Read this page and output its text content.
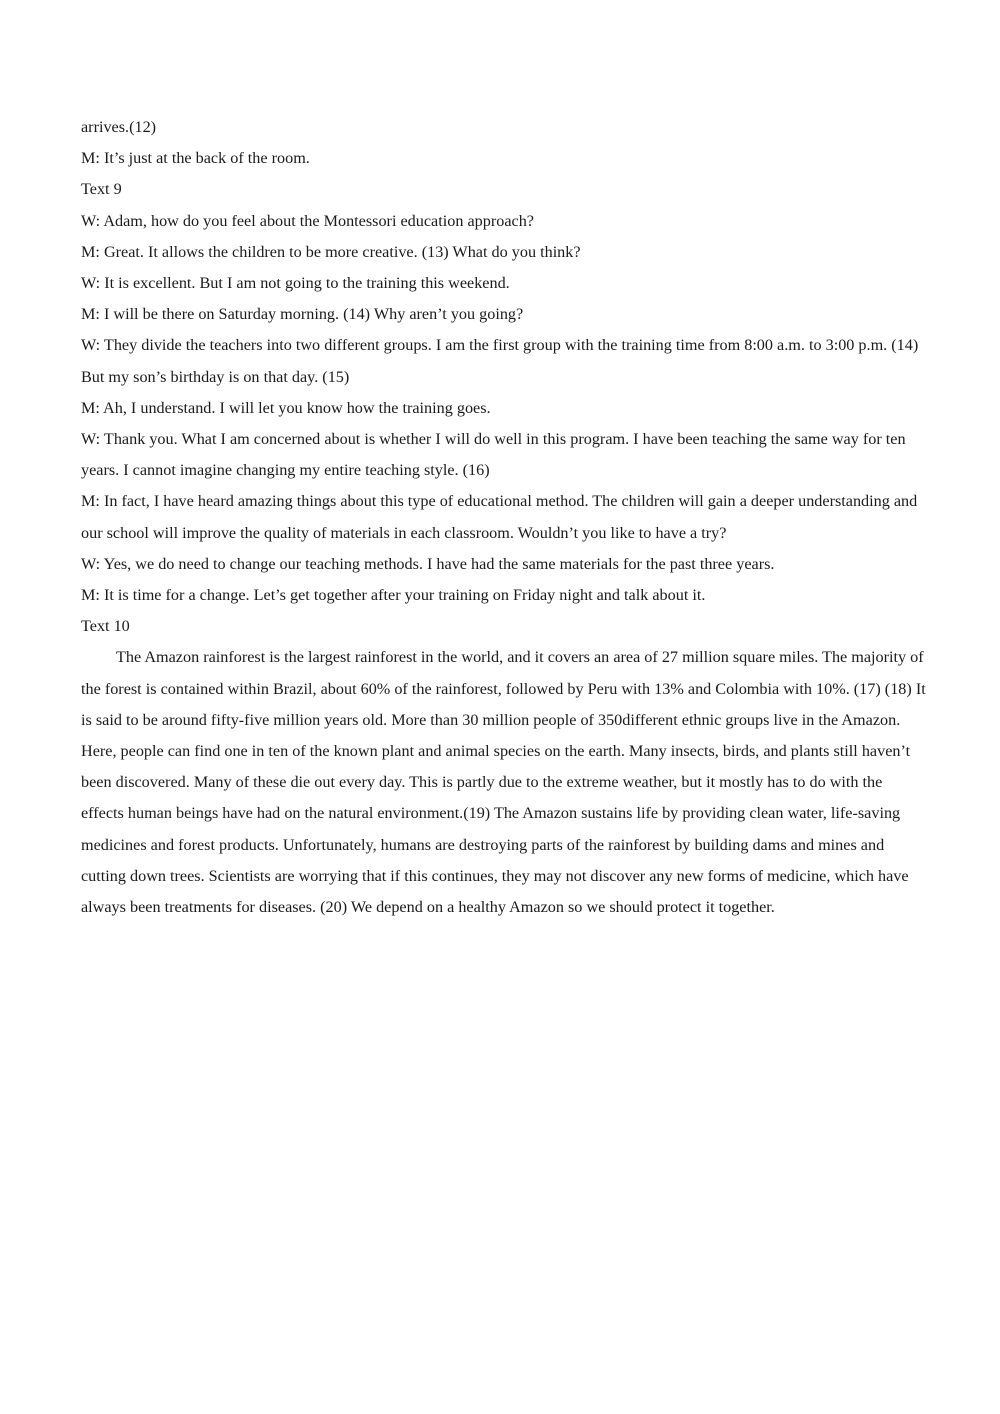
arrives.(12)

M: It’s just at the back of the room.

Text 9

W: Adam, how do you feel about the Montessori education approach?

M: Great. It allows the children to be more creative. (13) What do you think?

W: It is excellent. But I am not going to the training this weekend.

M: I will be there on Saturday morning. (14) Why aren’t you going?

W: They divide the teachers into two different groups. I am the first group with the training time from 8:00 a.m. to 3:00 p.m. (14) But my son’s birthday is on that day. (15)

M: Ah, I understand. I will let you know how the training goes.

W: Thank you. What I am concerned about is whether I will do well in this program. I have been teaching the same way for ten years. I cannot imagine changing my entire teaching style. (16)

M: In fact, I have heard amazing things about this type of educational method. The children will gain a deeper understanding and our school will improve the quality of materials in each classroom. Wouldn’t you like to have a try?

W: Yes, we do need to change our teaching methods. I have had the same materials for the past three years.

M: It is time for a change. Let’s get together after your training on Friday night and talk about it.

Text 10

The Amazon rainforest is the largest rainforest in the world, and it covers an area of 27 million square miles. The majority of the forest is contained within Brazil, about 60% of the rainforest, followed by Peru with 13% and Colombia with 10%. (17) (18) It is said to be around fifty-five million years old. More than 30 million people of 350different ethnic groups live in the Amazon. Here, people can find one in ten of the known plant and animal species on the earth. Many insects, birds, and plants still haven’t been discovered. Many of these die out every day. This is partly due to the extreme weather, but it mostly has to do with the effects human beings have had on the natural environment.(19) The Amazon sustains life by providing clean water, life-saving medicines and forest products. Unfortunately, humans are destroying parts of the rainforest by building dams and mines and cutting down trees. Scientists are worrying that if this continues, they may not discover any new forms of medicine, which have always been treatments for diseases. (20) We depend on a healthy Amazon so we should protect it together.
